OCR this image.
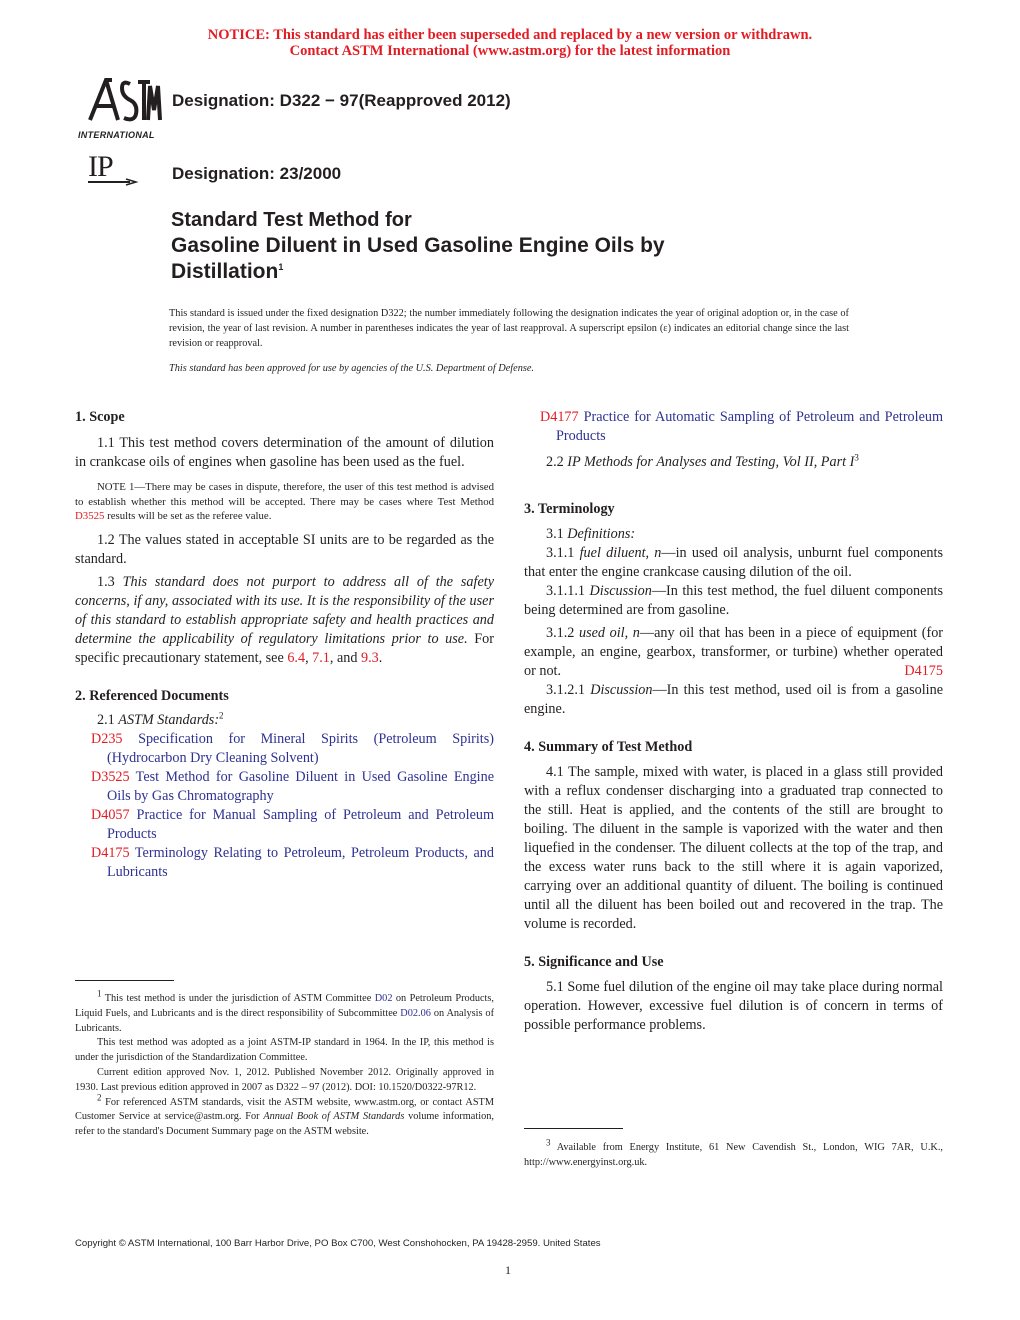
NOTICE: This standard has either been superseded and replaced by a new version or withdrawn.
Contact ASTM International (www.astm.org) for the latest information
INTERNATIONAL
Designation: D322 − 97(Reapproved 2012)
IP	Designation: 23/2000
Standard Test Method for
Gasoline Diluent in Used Gasoline Engine Oils by
Distillation$^1$
This standard is issued under the fixed designation D322; the number immediately following the designation indicates the year of original adoption or, in the case of revision, the year of last revision. A number in parentheses indicates the year of last reapproval. A superscript epsilon (ε) indicates an editorial change since the last revision or reapproval.
This standard has been approved for use by agencies of the U.S. Department of Defense.

1. Scope

1.1 This test method covers determination of the amount of dilution in crankcase oils of engines when gasoline has been used as the fuel.

NOTE 1—There may be cases in dispute, therefore, the user of this test method is advised to establish whether this method will be accepted. There may be cases where Test Method D3525 results will be set as the referee value.

1.2 The values stated in acceptable SI units are to be regarded as the standard.

1.3 This standard does not purport to address all of the safety concerns, if any, associated with its use. It is the responsibility of the user of this standard to establish appropriate safety and health practices and determine the applicability of regulatory limitations prior to use. For specific precautionary statement, see 6.4, 7.1, and 9.3.

2. Referenced Documents

2.1 ASTM Standards:$^2$

D235 Specification for Mineral Spirits (Petroleum Spirits) (Hydrocarbon Dry Cleaning Solvent)

D3525 Test Method for Gasoline Diluent in Used Gasoline Engine Oils by Gas Chromatography

D4057 Practice for Manual Sampling of Petroleum and Petroleum Products

D4175 Terminology Relating to Petroleum, Petroleum Products, and Lubricants

$^1$ This test method is under the jurisdiction of ASTM Committee D02 on Petroleum Products, Liquid Fuels, and Lubricants and is the direct responsibility of Subcommittee D02.06 on Analysis of Lubricants.

This test method was adopted as a joint ASTM-IP standard in 1964. In the IP, this method is under the jurisdiction of the Standardization Committee.

Current edition approved Nov. 1, 2012. Published November 2012. Originally approved in 1930. Last previous edition approved in 2007 as D322 – 97 (2012). DOI: 10.1520/D0322-97R12.

$^2$ For referenced ASTM standards, visit the ASTM website, www.astm.org, or contact ASTM Customer Service at service@astm.org. For Annual Book of ASTM Standards volume information, refer to the standard's Document Summary page on the ASTM website.

D4177 Practice for Automatic Sampling of Petroleum and Petroleum Products

2.2 IP Methods for Analyses and Testing, Vol II, Part $I^3$

3. Terminology

3.1 Definitions:

3.1.1 fuel diluent, n—in used oil analysis, unburnt fuel components that enter the engine crankcase causing dilution of the oil.

3.1.1.1 Discussion—In this test method, the fuel diluent components being determined are from gasoline.

3.1.2 used oil, n—any oil that has been in a piece of equipment (for example, an engine, gearbox, transformer, or turbine) whether operated or not.	D4175

3.1.2.1 Discussion—In this test method, used oil is from a gasoline engine.

4. Summary of Test Method

4.1 The sample, mixed with water, is placed in a glass still provided with a reflux condenser discharging into a graduated trap connected to the still. Heat is applied, and the contents of the still are brought to boiling. The diluent in the sample is vaporized with the water and then liquefied in the condenser. The diluent collects at the top of the trap, and the excess water runs back to the still where it is again vaporized, carrying over an additional quantity of diluent. The boiling is continued until all the diluent has been boiled out and recovered in the trap. The volume is recorded.

5. Significance and Use

5.1 Some fuel dilution of the engine oil may take place during normal operation. However, excessive fuel dilution is of concern in terms of possible performance problems.

$^3$ Available from Energy Institute, 61 New Cavendish St., London, WIG 7AR, U.K., http://www.energyinst.org.uk.

Copyright © ASTM International, 100 Barr Harbor Drive, PO Box C700, West Conshohocken, PA 19428-2959. United States
1
